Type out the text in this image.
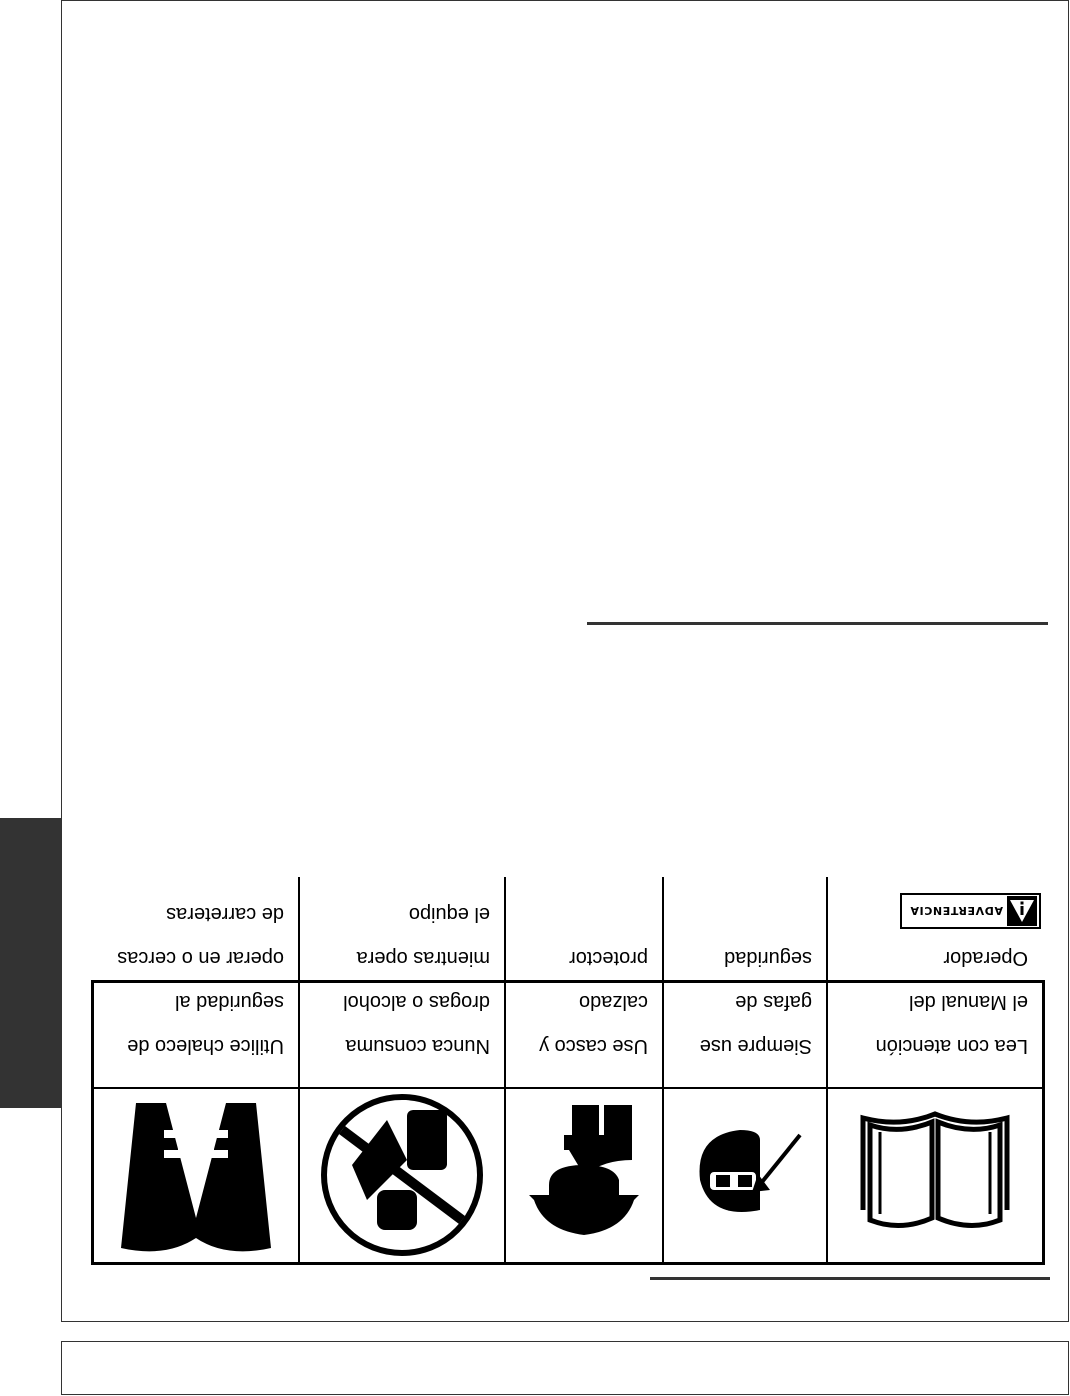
ADVERTENCIA

Lea con atención

el Manual del

Operador

Siempre use

gafas de

seguridad

Use casco y

calzado

protector

Nunca consuma

drogas o alcohol

mientras opera

el equipo

Utilice chaleco de

seguridad al

operar en o cercas

de carreteras
